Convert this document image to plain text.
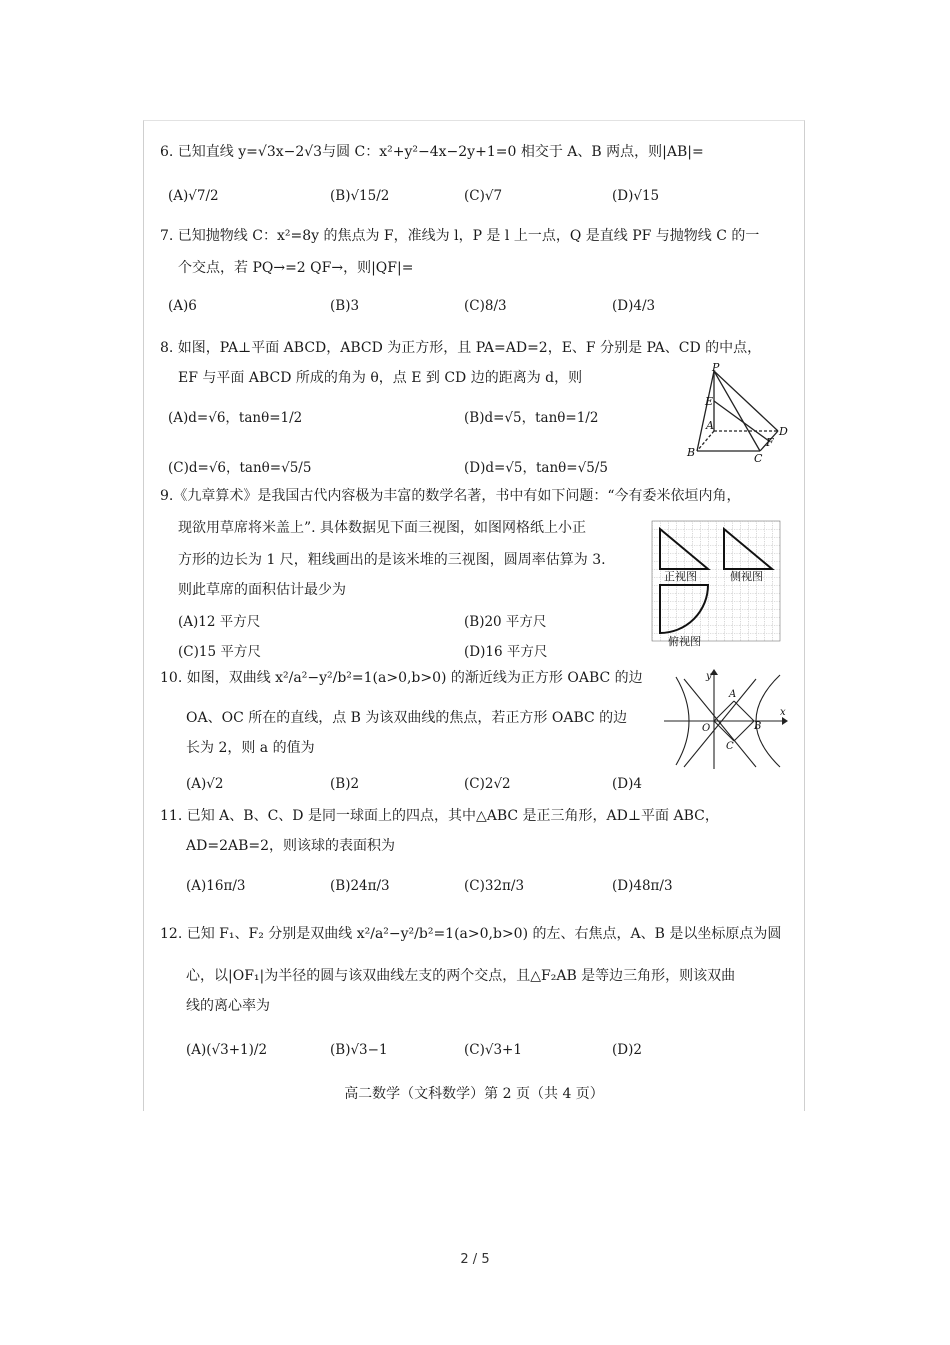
6. 已知直线 y=√3x−2√3与圆 C：x²+y²−4x−2y+1=0 相交于 A、B 两点，则|AB|=
(A)√7/2	(B)√15/2	(C)√7	(D)√15
7. 已知抛物线 C：x²=8y 的焦点为 F，准线为 l，P 是 l 上一点，Q 是直线 PF 与抛物线 C 的一
个交点，若 PQ→=2 QF→，则|QF|=
(A)6	(B)3	(C)8/3	(D)4/3
8. 如图，PA⊥平面 ABCD，ABCD 为正方形，且 PA=AD=2，E、F 分别是 PA、CD 的中点，
EF 与平面 ABCD 所成的角为 θ，点 E 到 CD 边的距离为 d，则
(A)d=√6，tanθ=1/2	(B)d=√5，tanθ=1/2
(C)d=√6，tanθ=√5/5	(D)d=√5，tanθ=√5/5
P
E
A	D
F
B	C
9.《九章算术》是我国古代内容极为丰富的数学名著，书中有如下问题：“今有委米依垣内角，
现欲用草席将米盖上”. 具体数据见下面三视图，如图网格纸上小正
方形的边长为 1 尺，粗线画出的是该米堆的三视图，圆周率估算为 3.
则此草席的面积估计最少为
(A)12 平方尺	(B)20 平方尺
(C)15 平方尺	(D)16 平方尺
正视图	侧视图
俯视图
10. 如图，双曲线 x²/a²−y²/b²=1(a>0,b>0) 的渐近线为正方形 OABC 的边
OA、OC 所在的直线，点 B 为该双曲线的焦点，若正方形 OABC 的边
长为 2，则 a 的值为
(A)√2	(B)2	(C)2√2	(D)4
y
A
O	B
C
x
11. 已知 A、B、C、D 是同一球面上的四点，其中△ABC 是正三角形，AD⊥平面 ABC，
AD=2AB=2，则该球的表面积为
(A)16π/3	(B)24π/3	(C)32π/3	(D)48π/3
12. 已知 F₁、F₂ 分别是双曲线 x²/a²−y²/b²=1(a>0,b>0) 的左、右焦点，A、B 是以坐标原点为圆
心，以|OF₁|为半径的圆与该双曲线左支的两个交点，且△F₂AB 是等边三角形，则该双曲
线的离心率为
(A)(√3+1)/2	(B)√3−1	(C)√3+1	(D)2
高二数学（文科数学）第 2 页（共 4 页）
2 / 5
